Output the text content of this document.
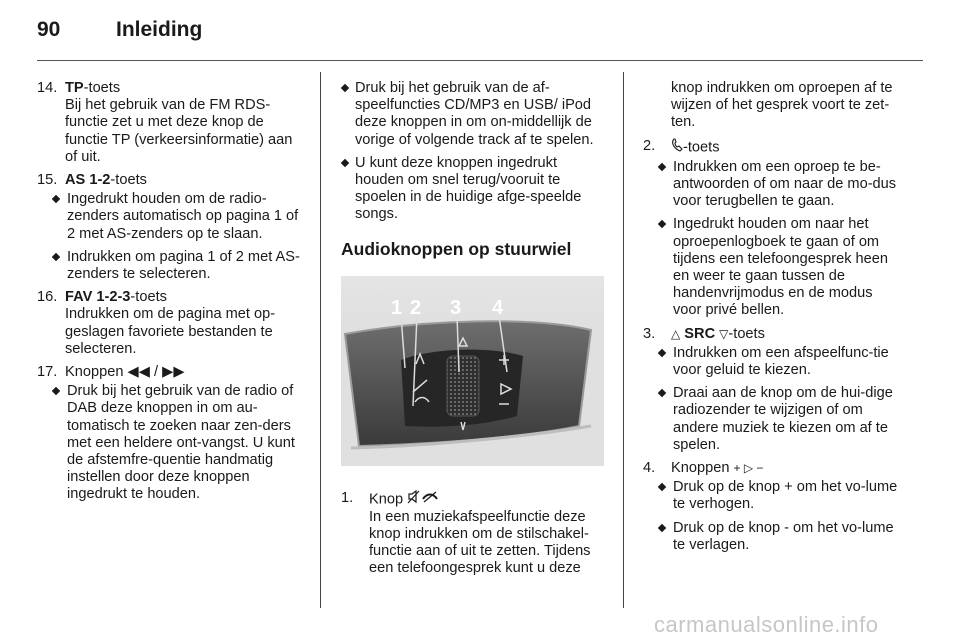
90	Inleiding
14. TP-toets
Bij het gebruik van de FM RDS-functie zet u met deze knop de functie TP (verkeersinformatie) aan of uit.
15. AS 1-2-toets
Ingedrukt houden om de radio-zenders automatisch op pagina 1 of 2 met AS-zenders op te slaan.
Indrukken om pagina 1 of 2 met AS-zenders te selecteren.
16. FAV 1-2-3-toets
Indrukken om de pagina met op-geslagen favoriete bestanden te selecteren.
17. Knoppen ◀◀ / ▶▶
Druk bij het gebruik van de radio of DAB deze knoppen in om au-tomatisch te zoeken naar zen-ders met een heldere ont-vangst. U kunt de afstemfre-quentie handmatig instellen door deze knoppen ingedrukt te houden.
Druk bij het gebruik van de af-speelfuncties CD/MP3 en USB/ iPod deze knoppen in om on-middellijk de vorige of volgende track af te spelen.
U kunt deze knoppen ingedrukt houden om snel terug/vooruit te spoelen in de huidige afge-speelde songs.
Audioknoppen op stuurwiel
1 2 3 4
1.	Knop
In een muziekafspeelfunctie deze knop indrukken om de stilschakel-functie aan of uit te zetten. Tijdens een telefoongesprek kunt u deze
knop indrukken om oproepen af te wijzen of het gesprek voort te zet-ten.
2.	-toets
Indrukken om een oproep te be-antwoorden of om naar de mo-dus voor terugbellen te gaan.
Ingedrukt houden om naar het oproepenlogboek te gaan of om tijdens een telefoongesprek heen en weer te gaan tussen de handenvrijmodus en de modus voor privé bellen.
3.	△ SRC ▽-toets
Indrukken om een afspeelfunc-tie voor geluid te kiezen.
Draai aan de knop om de hui-dige radiozender te wijzigen of om andere muziek te kiezen om af te spelen.
4.	Knoppen + ▷ −
Druk op de knop + om het vo-lume te verhogen.
Druk op de knop - om het vo-lume te verlagen.
carmanualsonline.info
